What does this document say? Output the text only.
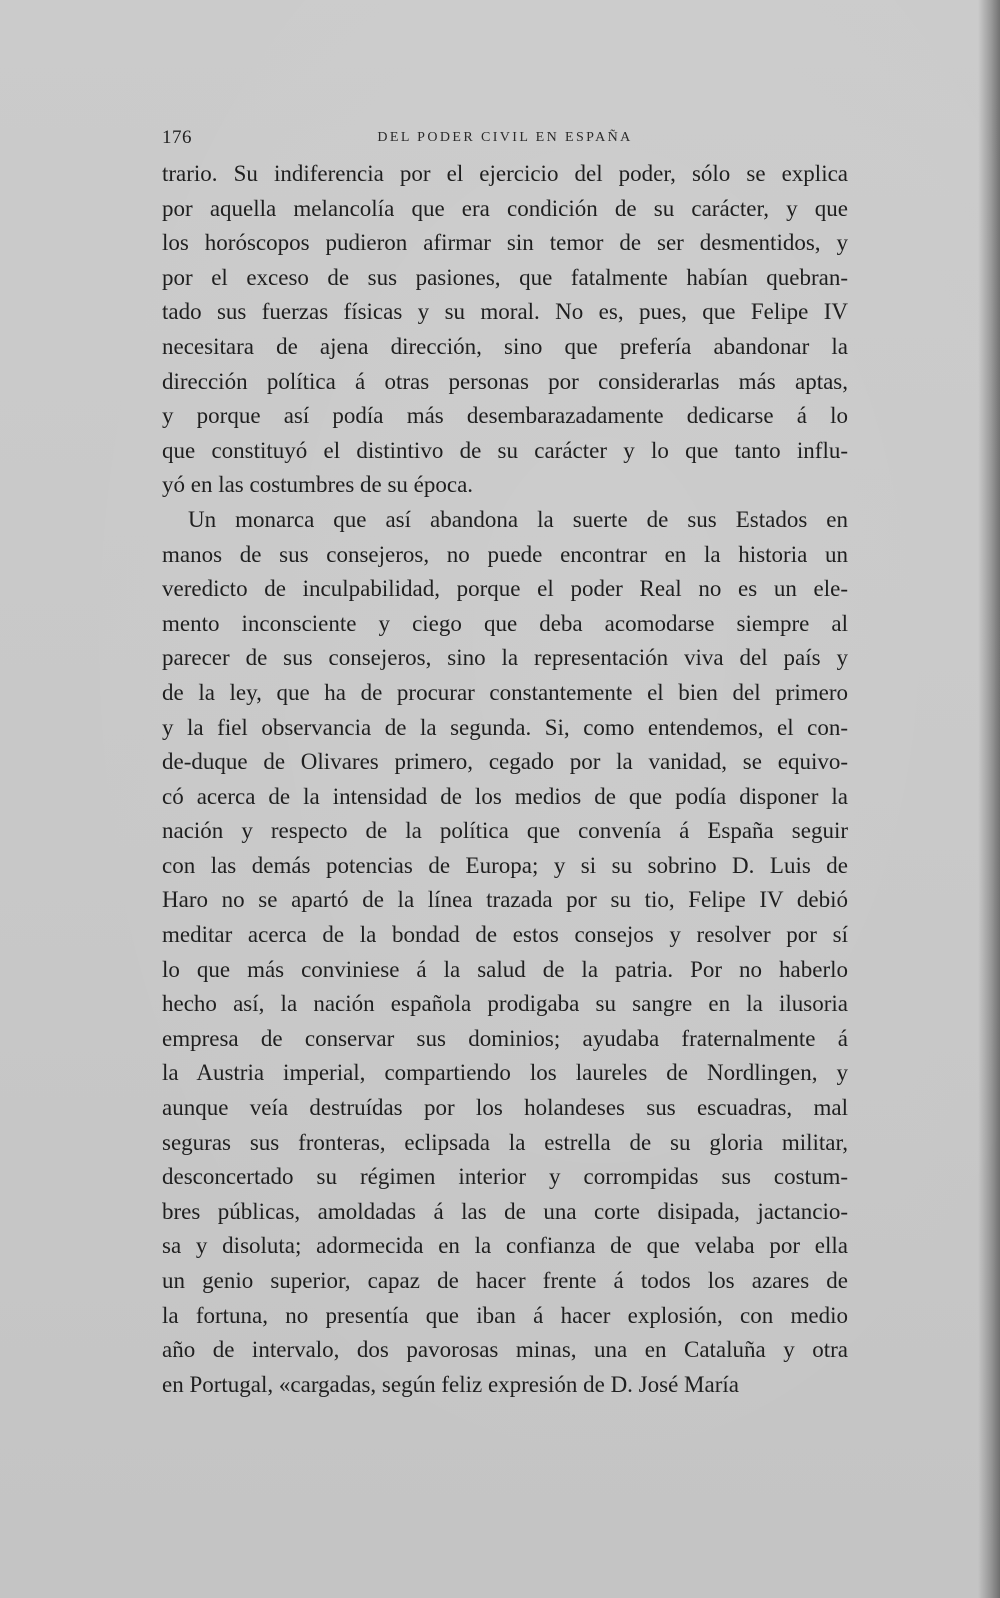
176	DEL PODER CIVIL EN ESPAÑA
trario. Su indiferencia por el ejercicio del poder, sólo se explica
por aquella melancolía que era condición de su carácter, y que
los horóscopos pudieron afirmar sin temor de ser desmentidos, y
por el exceso de sus pasiones, que fatalmente habían quebran-
tado sus fuerzas físicas y su moral. No es, pues, que Felipe IV
necesitara de ajena dirección, sino que prefería abandonar la
dirección política á otras personas por considerarlas más aptas,
y porque así podía más desembarazadamente dedicarse á lo
que constituyó el distintivo de su carácter y lo que tanto influ-
yó en las costumbres de su época.
Un monarca que así abandona la suerte de sus Estados en
manos de sus consejeros, no puede encontrar en la historia un
veredicto de inculpabilidad, porque el poder Real no es un ele-
mento inconsciente y ciego que deba acomodarse siempre al
parecer de sus consejeros, sino la representación viva del país y
de la ley, que ha de procurar constantemente el bien del primero
y la fiel observancia de la segunda. Si, como entendemos, el con-
de-duque de Olivares primero, cegado por la vanidad, se equivo-
có acerca de la intensidad de los medios de que podía disponer la
nación y respecto de la política que convenía á España seguir
con las demás potencias de Europa; y si su sobrino D. Luis de
Haro no se apartó de la línea trazada por su tio, Felipe IV debió
meditar acerca de la bondad de estos consejos y resolver por sí
lo que más conviniese á la salud de la patria. Por no haberlo
hecho así, la nación española prodigaba su sangre en la ilusoria
empresa de conservar sus dominios; ayudaba fraternalmente á
la Austria imperial, compartiendo los laureles de Nordlingen, y
aunque veía destruídas por los holandeses sus escuadras, mal
seguras sus fronteras, eclipsada la estrella de su gloria militar,
desconcertado su régimen interior y corrompidas sus costum-
bres públicas, amoldadas á las de una corte disipada, jactancio-
sa y disoluta; adormecida en la confianza de que velaba por ella
un genio superior, capaz de hacer frente á todos los azares de
la fortuna, no presentía que iban á hacer explosión, con medio
año de intervalo, dos pavorosas minas, una en Cataluña y otra
en Portugal, «cargadas, según feliz expresión de D. José María
